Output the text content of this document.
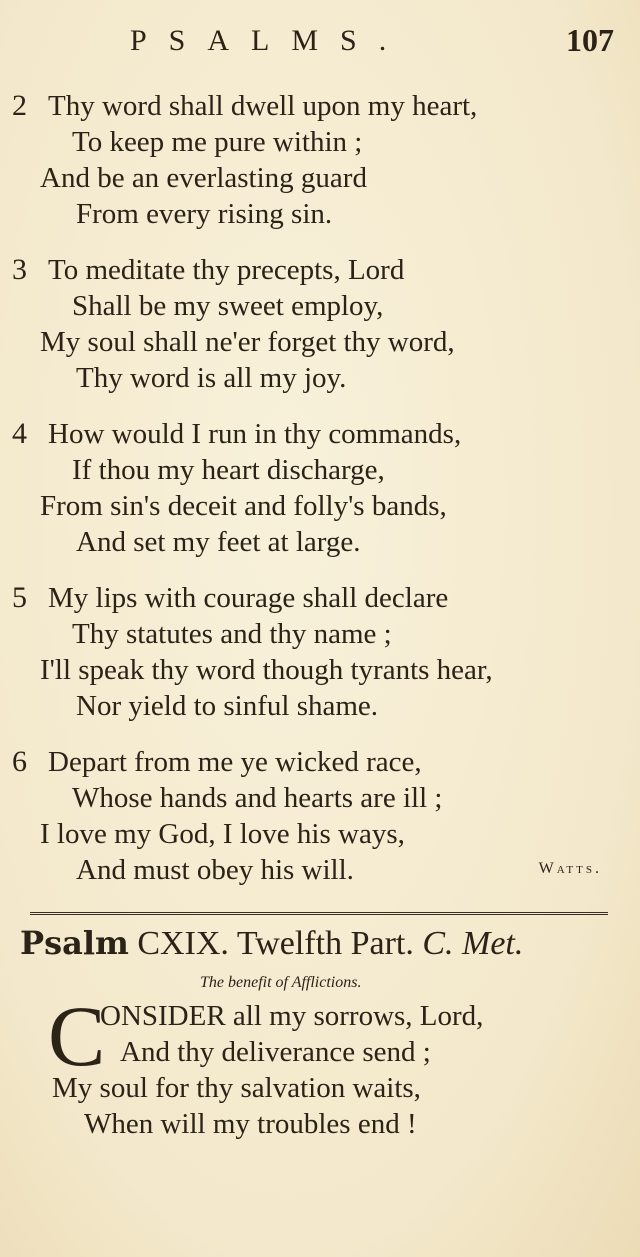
PSALMS.	107
2 Thy word shall dwell upon my heart,
To keep me pure within ;
And be an everlasting guard
From every rising sin.
3 To meditate thy precepts, Lord
Shall be my sweet employ,
My soul shall ne'er forget thy word,
Thy word is all my joy.
4 How would I run in thy commands,
If thou my heart discharge,
From sin's deceit and folly's bands,
And set my feet at large.
5 My lips with courage shall declare
Thy statutes and thy name ;
I'll speak thy word though tyrants hear,
Nor yield to sinful shame.
6 Depart from me ye wicked race,
Whose hands and hearts are ill ;
I love my God, I love his ways,
And must obey his will.	Watts.
Psalm CXIX. Twelfth Part. C. Met.
The benefit of Afflictions.
C
ONSIDER all my sorrows, Lord,
And thy deliverance send ;
My soul for thy salvation waits,
When will my troubles end !
